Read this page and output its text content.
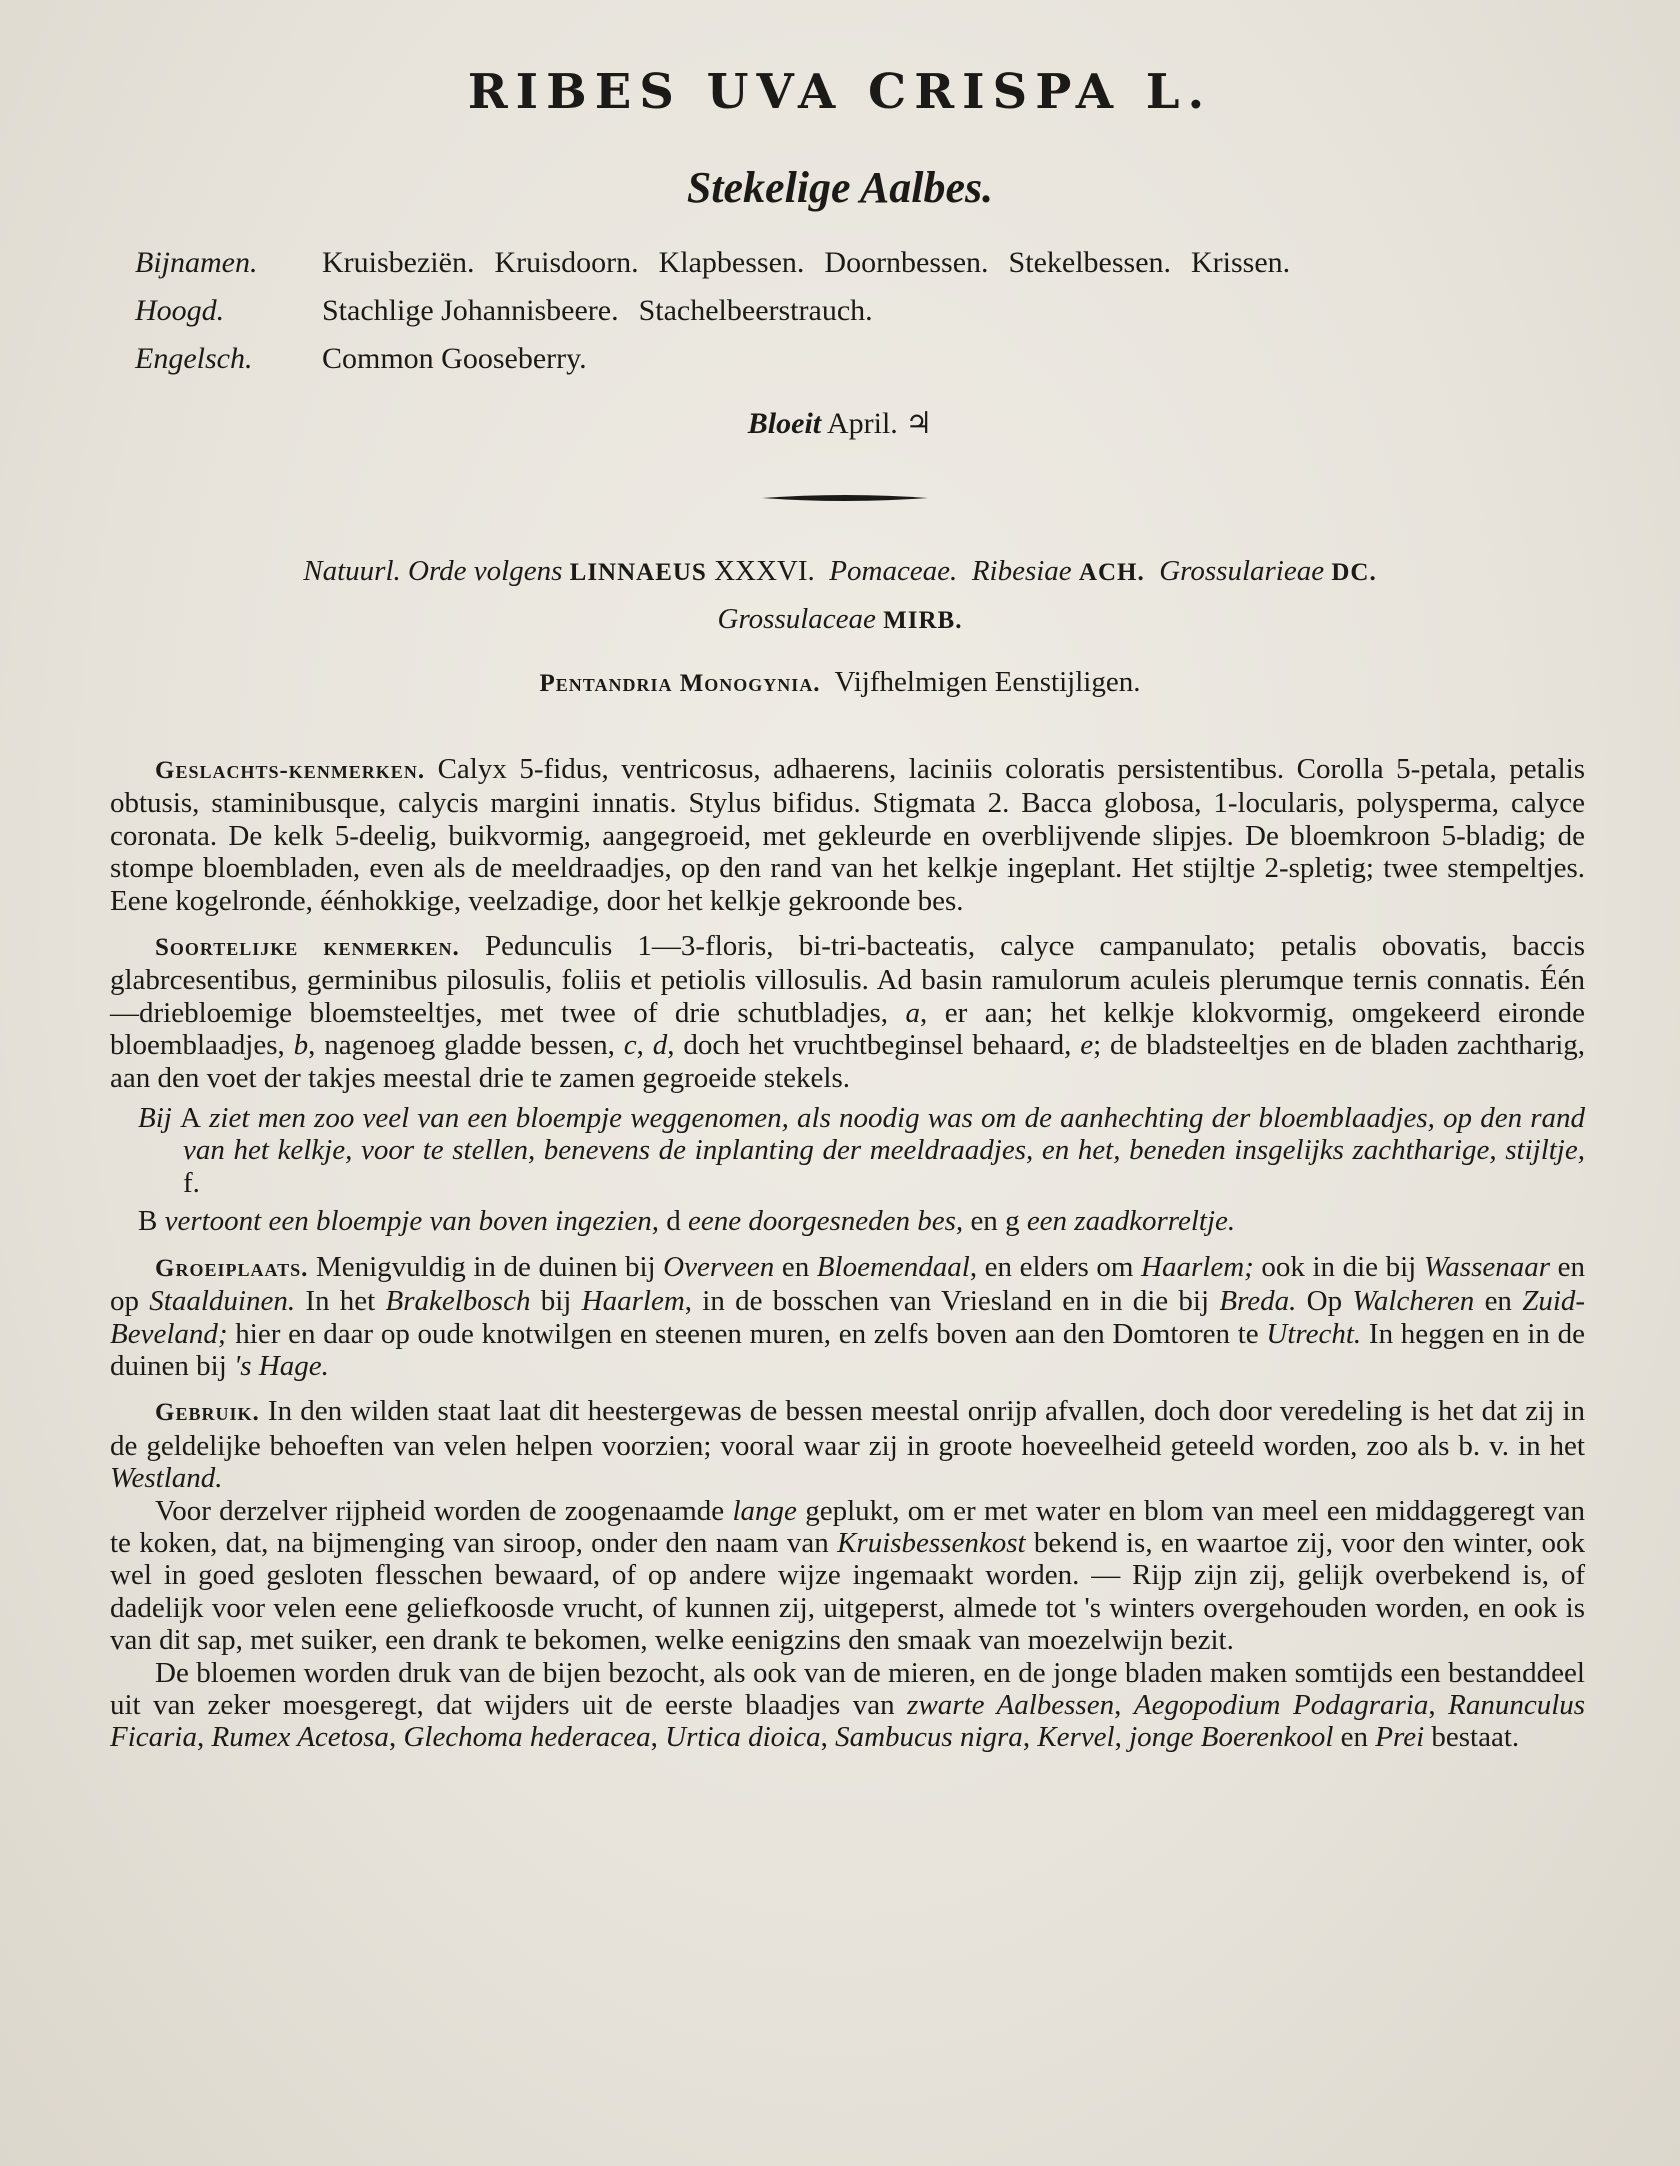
RIBES UVA CRISPA L.
Stekelige Aalbes.
Bijnamen. Kruisbeziën. Kruisdoorn. Klapbessen. Doornbessen. Stekelbessen. Krissen.
Hoogd.	Stachlige Johannisbeere. Stachelbeerstrauch.
Engelsch. Common Gooseberry.
Bloeit April. ♃
Natuurl. Orde volgens LINNAEUS XXXVI. Pomaceae. Ribesiae ACH. Grossularieae DC.
Grossulaceae MIRB.
Pentandria Monogynia. Vijfhelmigen Eenstijligen.

Geslachts-kenmerken. Calyx 5-fidus, ventricosus, adhaerens, laciniis coloratis persistentibus. Corolla 5-petala, petalis obtusis, staminibusque, calycis margini innatis. Stylus bifidus. Stigmata 2. Bacca globosa, 1-locularis, polysperma, calyce coronata. De kelk 5-deelig, buikvormig, aangegroeid, met gekleurde en overblijvende slipjes. De bloemkroon 5-bladig; de stompe bloembladen, even als de meeldraadjes, op den rand van het kelkje ingeplant. Het stijltje 2-spletig; twee stempeltjes. Eene kogelronde, éénhokkige, veelzadige, door het kelkje gekroonde bes.

Soortelijke kenmerken. Pedunculis 1—3-floris, bi-tri-bacteatis, calyce campanulato; petalis obovatis, baccis glabrcesentibus, germinibus pilosulis, foliis et petiolis villosulis. Ad basin ramulorum aculeis plerumque ternis connatis. Één—driebloemige bloemsteeltjes, met twee of drie schutbladjes, a, er aan; het kelkje klokvormig, omgekeerd eironde bloemblaadjes, b, nagenoeg gladde bessen, c, d, doch het vruchtbeginsel behaard, e; de bladsteeltjes en de bladen zachtharig, aan den voet der takjes meestal drie te zamen gegroeide stekels.

Bij A ziet men zoo veel van een bloempje weggenomen, als noodig was om de aanhechting der bloemblaadjes, op den rand van het kelkje, voor te stellen, benevens de inplanting der meeldraadjes, en het, beneden insgelijks zachtharige, stijltje, f.

B vertoont een bloempje van boven ingezien, d eene doorgesneden bes, en g een zaadkorreltje.

Groeiplaats. Menigvuldig in de duinen bij Overveen en Bloemendaal, en elders om Haarlem; ook in die bij Wassenaar en op Staalduinen. In het Brakelbosch bij Haarlem, in de bosschen van Vriesland en in die bij Breda. Op Walcheren en Zuid-Beveland; hier en daar op oude knotwilgen en steenen muren, en zelfs boven aan den Domtoren te Utrecht. In heggen en in de duinen bij 's Hage.

Gebruik. In den wilden staat laat dit heestergewas de bessen meestal onrijp afvallen, doch door veredeling is het dat zij in de geldelijke behoeften van velen helpen voorzien; vooral waar zij in groote hoeveelheid geteeld worden, zoo als b. v. in het Westland.

Voor derzelver rijpheid worden de zoogenaamde lange geplukt, om er met water en blom van meel een middaggeregt van te koken, dat, na bijmenging van siroop, onder den naam van Kruisbessenkost bekend is, en waartoe zij, voor den winter, ook wel in goed gesloten flesschen bewaard, of op andere wijze ingemaakt worden. — Rijp zijn zij, gelijk overbekend is, of dadelijk voor velen eene geliefkoosde vrucht, of kunnen zij, uitgeperst, almede tot 's winters overgehouden worden, en ook is van dit sap, met suiker, een drank te bekomen, welke eenigzins den smaak van moezelwijn bezit.

De bloemen worden druk van de bijen bezocht, als ook van de mieren, en de jonge bladen maken somtijds een bestanddeel uit van zeker moesgeregt, dat wijders uit de eerste blaadjes van zwarte Aalbessen, Aegopodium Podagraria, Ranunculus Ficaria, Rumex Acetosa, Glechoma hederacea, Urtica dioica, Sambucus nigra, Kervel, jonge Boerenkool en Prei bestaat.
